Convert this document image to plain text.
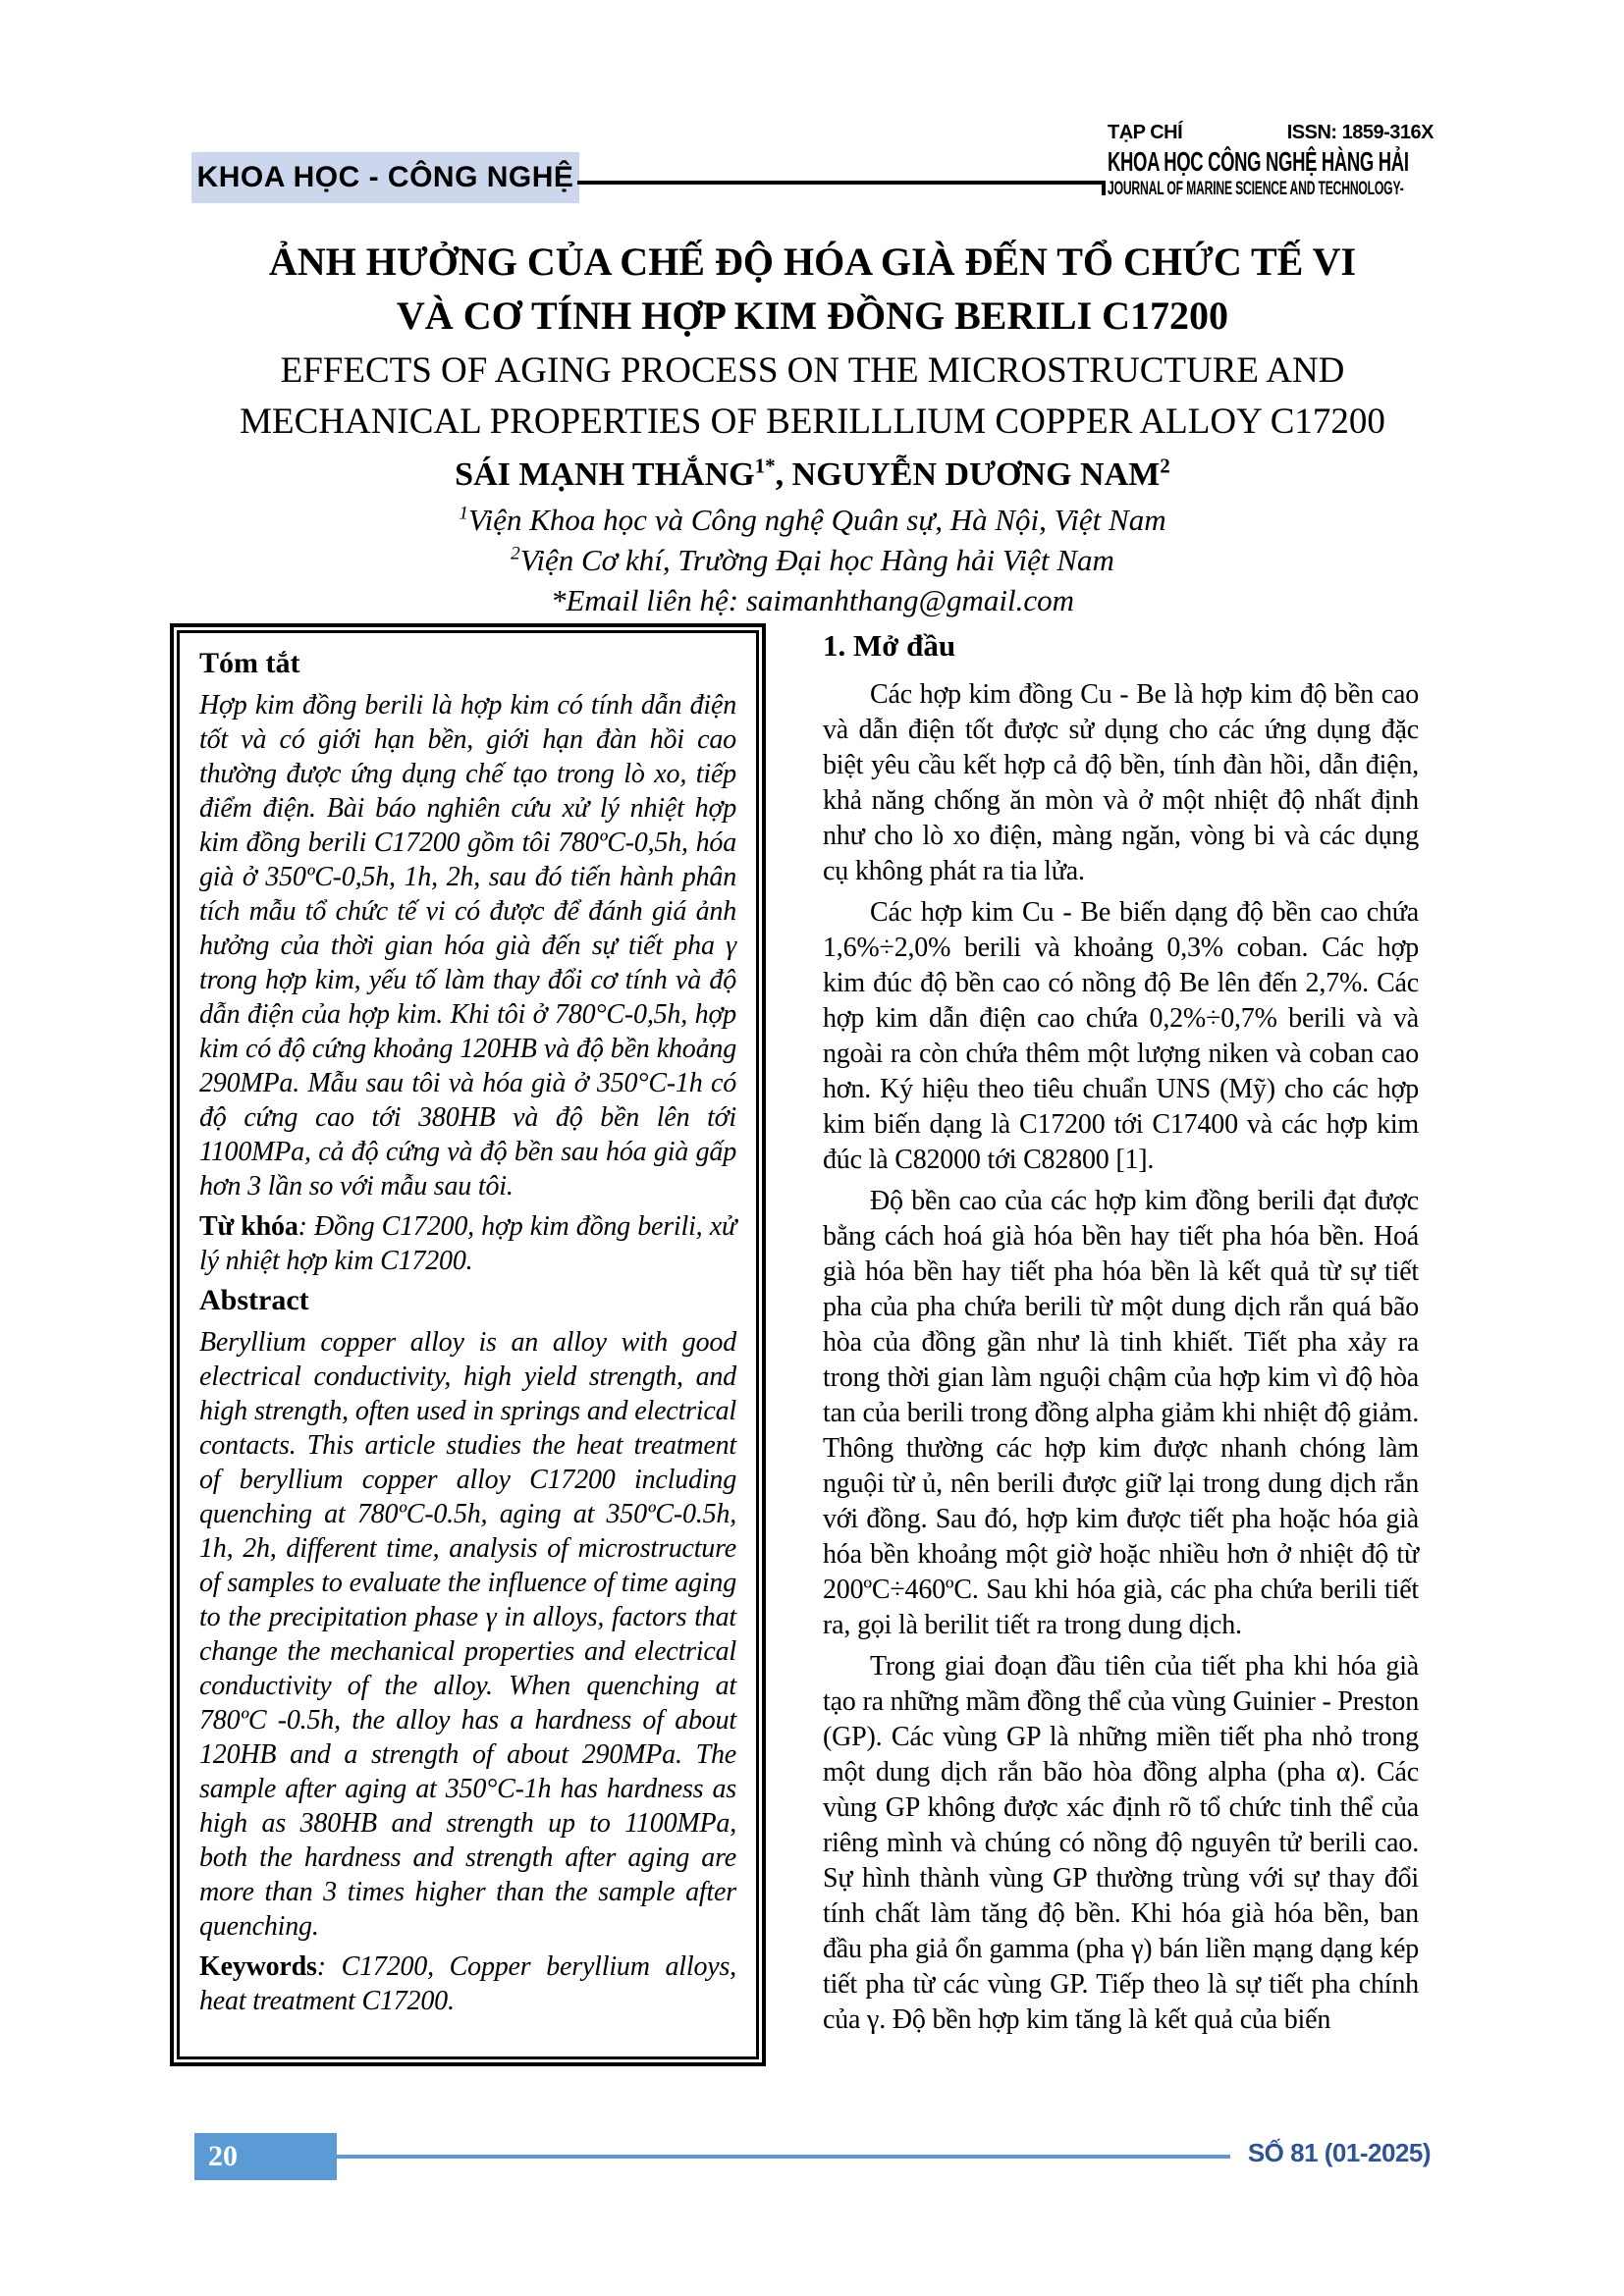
KHOA HỌC - CÔNG NGHỆ
TẠP CHÍ	ISSN: 1859-316X
KHOA HỌC CÔNG NGHỆ HÀNG HẢI
JOURNAL OF MARINE SCIENCE AND TECHNOLOGY-
ẢNH HƯỞNG CỦA CHẾ ĐỘ HÓA GIÀ ĐẾN TỔ CHỨC TẾ VI
VÀ CƠ TÍNH HỢP KIM ĐỒNG BERILI C17200
EFFECTS OF AGING PROCESS ON THE MICROSTRUCTURE AND
MECHANICAL PROPERTIES OF BERILLLIUM COPPER ALLOY C17200
SÁI MẠNH THẮNG$^{1*}$, NGUYỄN DƯƠNG NAM$^2$
$^1$Viện Khoa học và Công nghệ Quân sự, Hà Nội, Việt Nam
$^2$Viện Cơ khí, Trường Đại học Hàng hải Việt Nam
*Email liên hệ: saimanhthang@gmail.com
Tóm tắt

Hợp kim đồng berili là hợp kim có tính dẫn điện tốt và có giới hạn bền, giới hạn đàn hồi cao thường được ứng dụng chế tạo trong lò xo, tiếp điểm điện. Bài báo nghiên cứu xử lý nhiệt hợp kim đồng berili C17200 gồm tôi 780ºC-0,5h, hóa già ở 350ºC-0,5h, 1h, 2h, sau đó tiến hành phân tích mẫu tổ chức tế vi có được để đánh giá ảnh hưởng của thời gian hóa già đến sự tiết pha γ trong hợp kim, yếu tố làm thay đổi cơ tính và độ dẫn điện của hợp kim. Khi tôi ở 780°C-0,5h, hợp kim có độ cứng khoảng 120HB và độ bền khoảng 290MPa. Mẫu sau tôi và hóa già ở 350°C-1h có độ cứng cao tới 380HB và độ bền lên tới 1100MPa, cả độ cứng và độ bền sau hóa già gấp hơn 3 lần so với mẫu sau tôi.

Từ khóa: Đồng C17200, hợp kim đồng berili, xử lý nhiệt hợp kim C17200.

Abstract

Beryllium copper alloy is an alloy with good electrical conductivity, high yield strength, and high strength, often used in springs and electrical contacts. This article studies the heat treatment of beryllium copper alloy C17200 including quenching at 780ºC-0.5h, aging at 350ºC-0.5h, 1h, 2h, different time, analysis of microstructure of samples to evaluate the influence of time aging to the precipitation phase γ in alloys, factors that change the mechanical properties and electrical conductivity of the alloy. When quenching at 780ºC -0.5h, the alloy has a hardness of about 120HB and a strength of about 290MPa. The sample after aging at 350°C-1h has hardness as high as 380HB and strength up to 1100MPa, both the hardness and strength after aging are more than 3 times higher than the sample after quenching.

Keywords: C17200, Copper beryllium alloys, heat treatment C17200.

1. Mở đầu

Các hợp kim đồng Cu - Be là hợp kim độ bền cao và dẫn điện tốt được sử dụng cho các ứng dụng đặc biệt yêu cầu kết hợp cả độ bền, tính đàn hồi, dẫn điện, khả năng chống ăn mòn và ở một nhiệt độ nhất định như cho lò xo điện, màng ngăn, vòng bi và các dụng cụ không phát ra tia lửa.

Các hợp kim Cu - Be biến dạng độ bền cao chứa 1,6%÷2,0% berili và khoảng 0,3% coban. Các hợp kim đúc độ bền cao có nồng độ Be lên đến 2,7%. Các hợp kim dẫn điện cao chứa 0,2%÷0,7% berili và và ngoài ra còn chứa thêm một lượng niken và coban cao hơn. Ký hiệu theo tiêu chuẩn UNS (Mỹ) cho các hợp kim biến dạng là C17200 tới C17400 và các hợp kim đúc là C82000 tới C82800 [1].

Độ bền cao của các hợp kim đồng berili đạt được bằng cách hoá già hóa bền hay tiết pha hóa bền. Hoá già hóa bền hay tiết pha hóa bền là kết quả từ sự tiết pha của pha chứa berili từ một dung dịch rắn quá bão hòa của đồng gần như là tinh khiết. Tiết pha xảy ra trong thời gian làm nguội chậm của hợp kim vì độ hòa tan của berili trong đồng alpha giảm khi nhiệt độ giảm. Thông thường các hợp kim được nhanh chóng làm nguội từ ủ, nên berili được giữ lại trong dung dịch rắn với đồng. Sau đó, hợp kim được tiết pha hoặc hóa già hóa bền khoảng một giờ hoặc nhiều hơn ở nhiệt độ từ 200ºC÷460ºC. Sau khi hóa già, các pha chứa berili tiết ra, gọi là berilit tiết ra trong dung dịch.

Trong giai đoạn đầu tiên của tiết pha khi hóa già tạo ra những mầm đồng thể của vùng Guinier - Preston (GP). Các vùng GP là những miền tiết pha nhỏ trong một dung dịch rắn bão hòa đồng alpha (pha α). Các vùng GP không được xác định rõ tổ chức tinh thể của riêng mình và chúng có nồng độ nguyên tử berili cao. Sự hình thành vùng GP thường trùng với sự thay đổi tính chất làm tăng độ bền. Khi hóa già hóa bền, ban đầu pha giả ổn gamma (pha γ) bán liền mạng dạng kép tiết pha từ các vùng GP. Tiếp theo là sự tiết pha chính của γ. Độ bền hợp kim tăng là kết quả của biến

20	SỐ 81 (01-2025)
